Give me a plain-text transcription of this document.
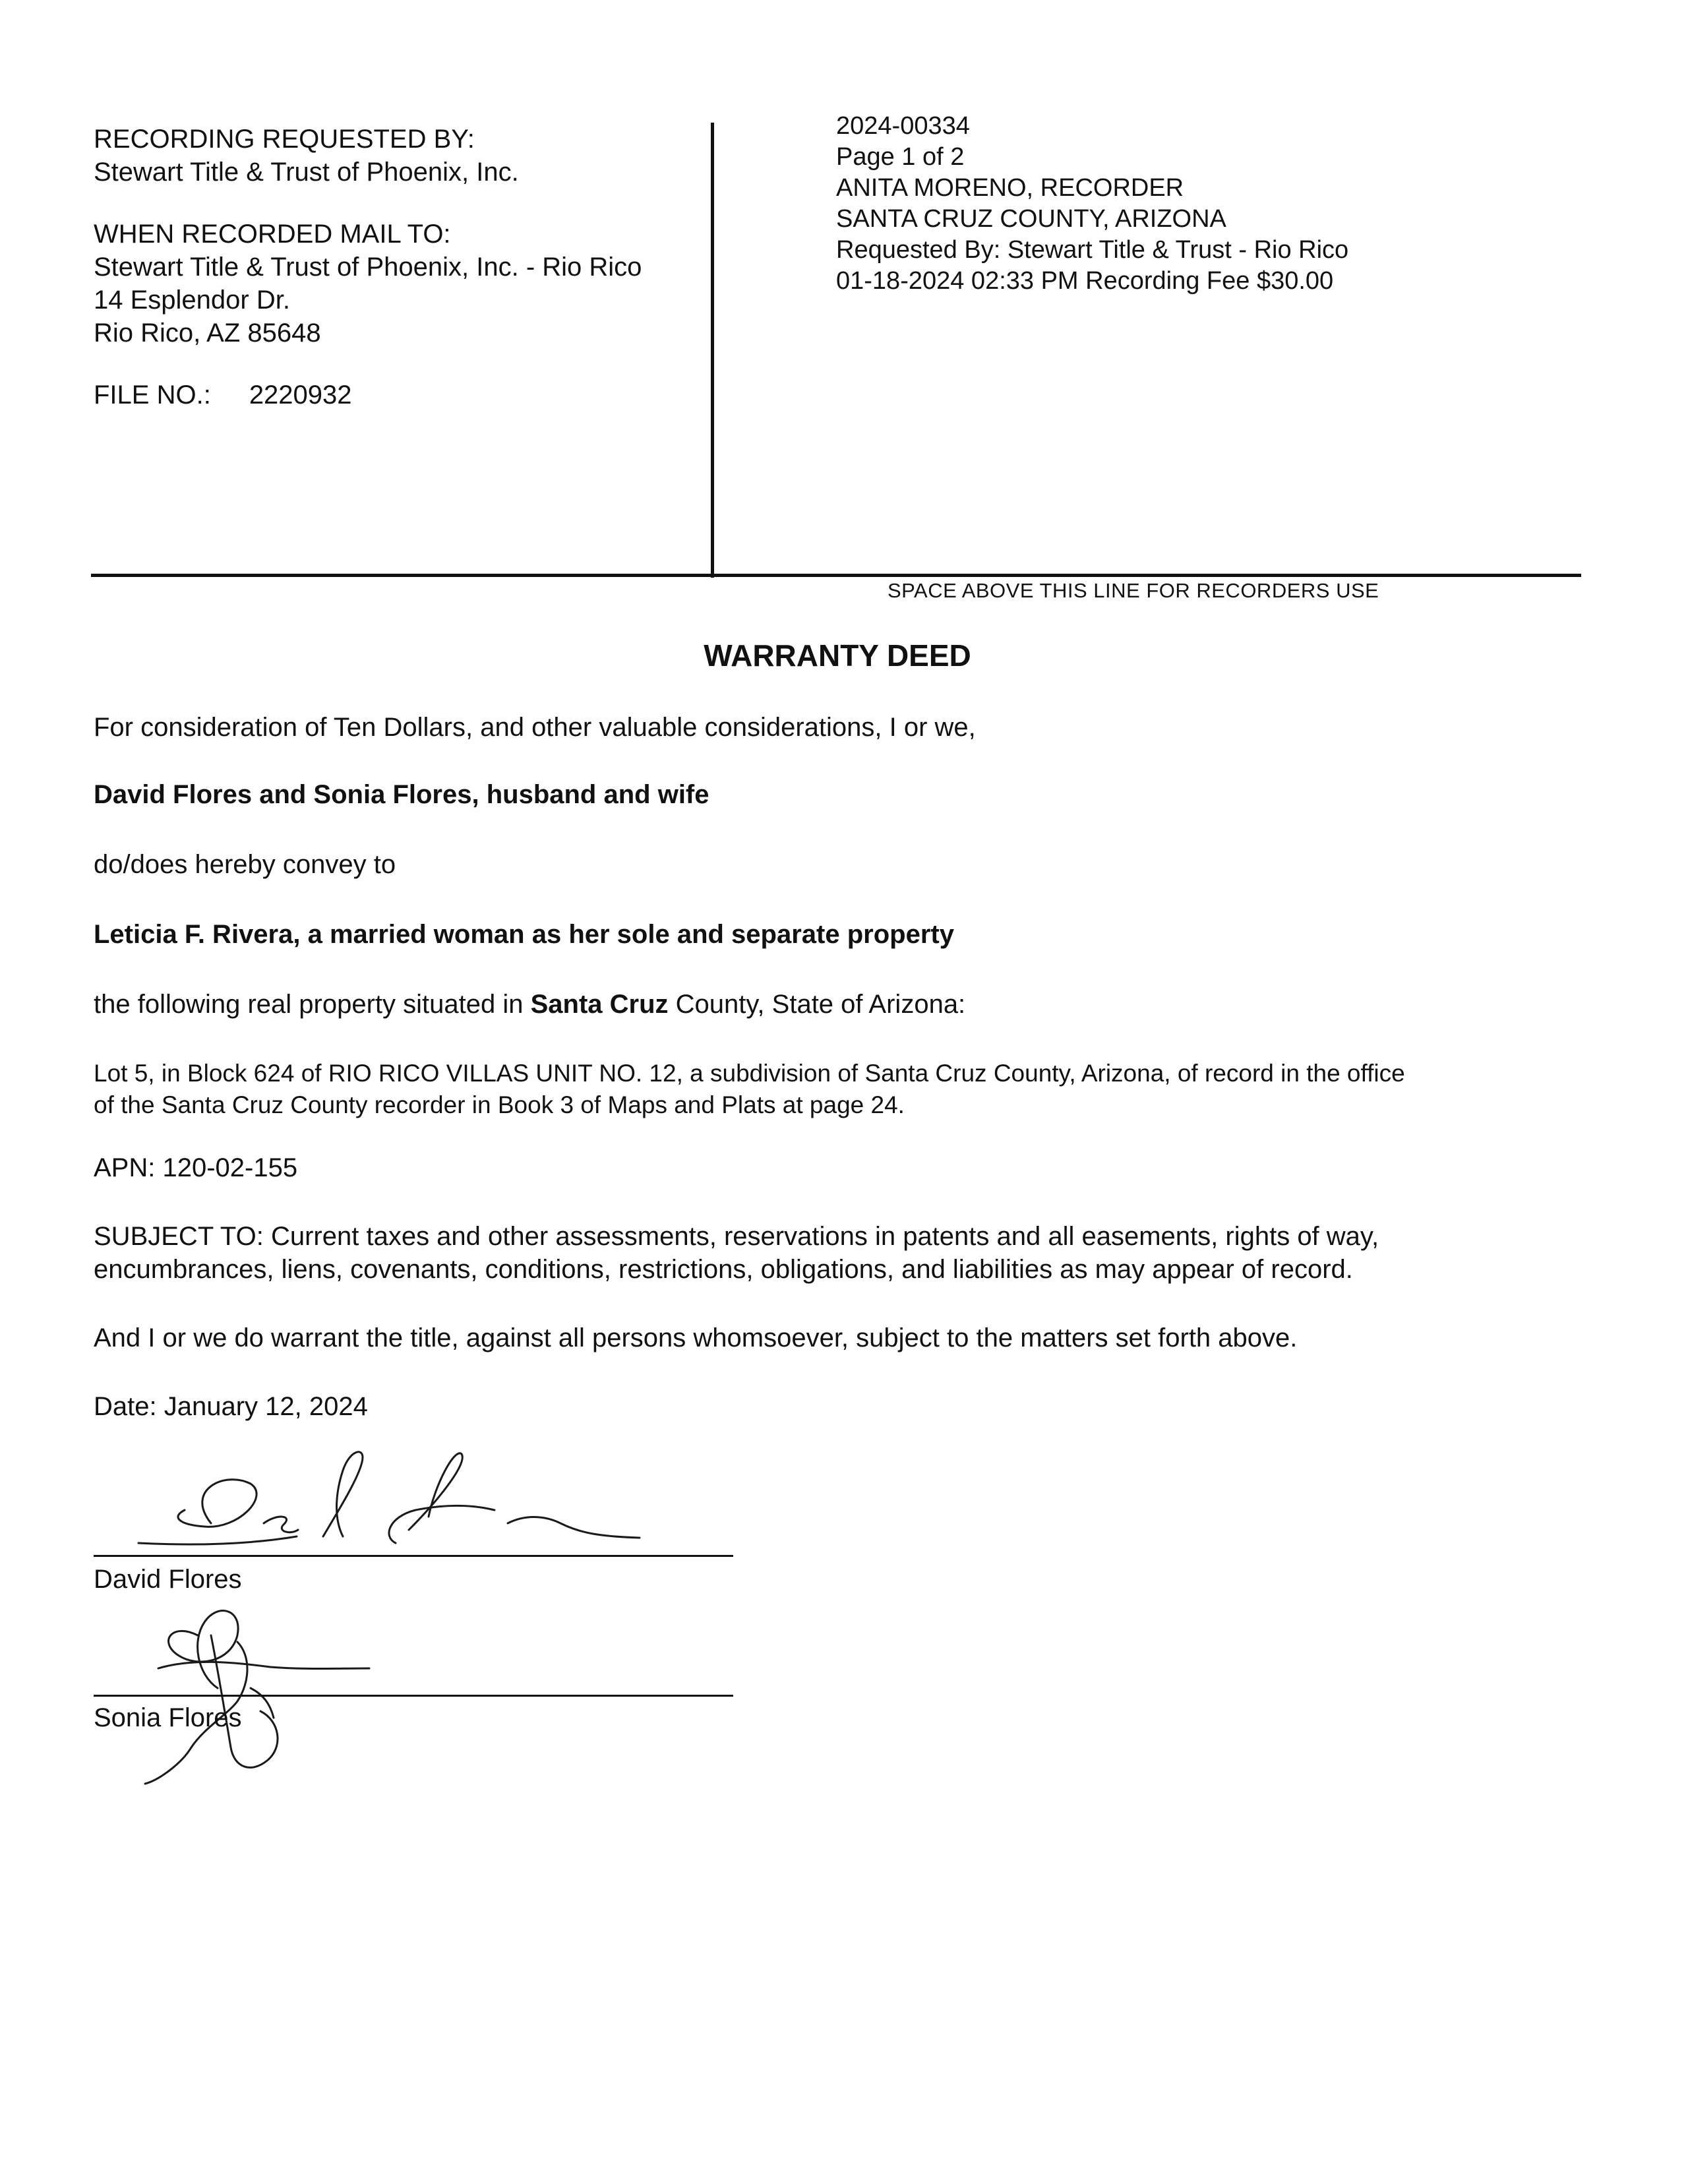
RECORDING REQUESTED BY:
Stewart Title & Trust of Phoenix, Inc.
WHEN RECORDED MAIL TO:
Stewart Title & Trust of Phoenix, Inc. - Rio Rico
14 Esplendor Dr.
Rio Rico, AZ 85648
FILE NO.: 2220932
2024-00334
Page 1 of 2
ANITA MORENO, RECORDER
SANTA CRUZ COUNTY, ARIZONA
Requested By: Stewart Title & Trust - Rio Rico
01-18-2024 02:33 PM Recording Fee $30.00
SPACE ABOVE THIS LINE FOR RECORDERS USE
WARRANTY DEED
For consideration of Ten Dollars, and other valuable considerations, I or we,
David Flores and Sonia Flores, husband and wife
do/does hereby convey to
Leticia F. Rivera, a married woman as her sole and separate property
the following real property situated in Santa Cruz County, State of Arizona:
Lot 5, in Block 624 of RIO RICO VILLAS UNIT NO. 12, a subdivision of Santa Cruz County, Arizona, of record in the office
of the Santa Cruz County recorder in Book 3 of Maps and Plats at page 24.
APN: 120-02-155
SUBJECT TO: Current taxes and other assessments, reservations in patents and all easements, rights of way,
encumbrances, liens, covenants, conditions, restrictions, obligations, and liabilities as may appear of record.
And I or we do warrant the title, against all persons whomsoever, subject to the matters set forth above.
Date: January 12, 2024
David Flores
Sonia Flores
